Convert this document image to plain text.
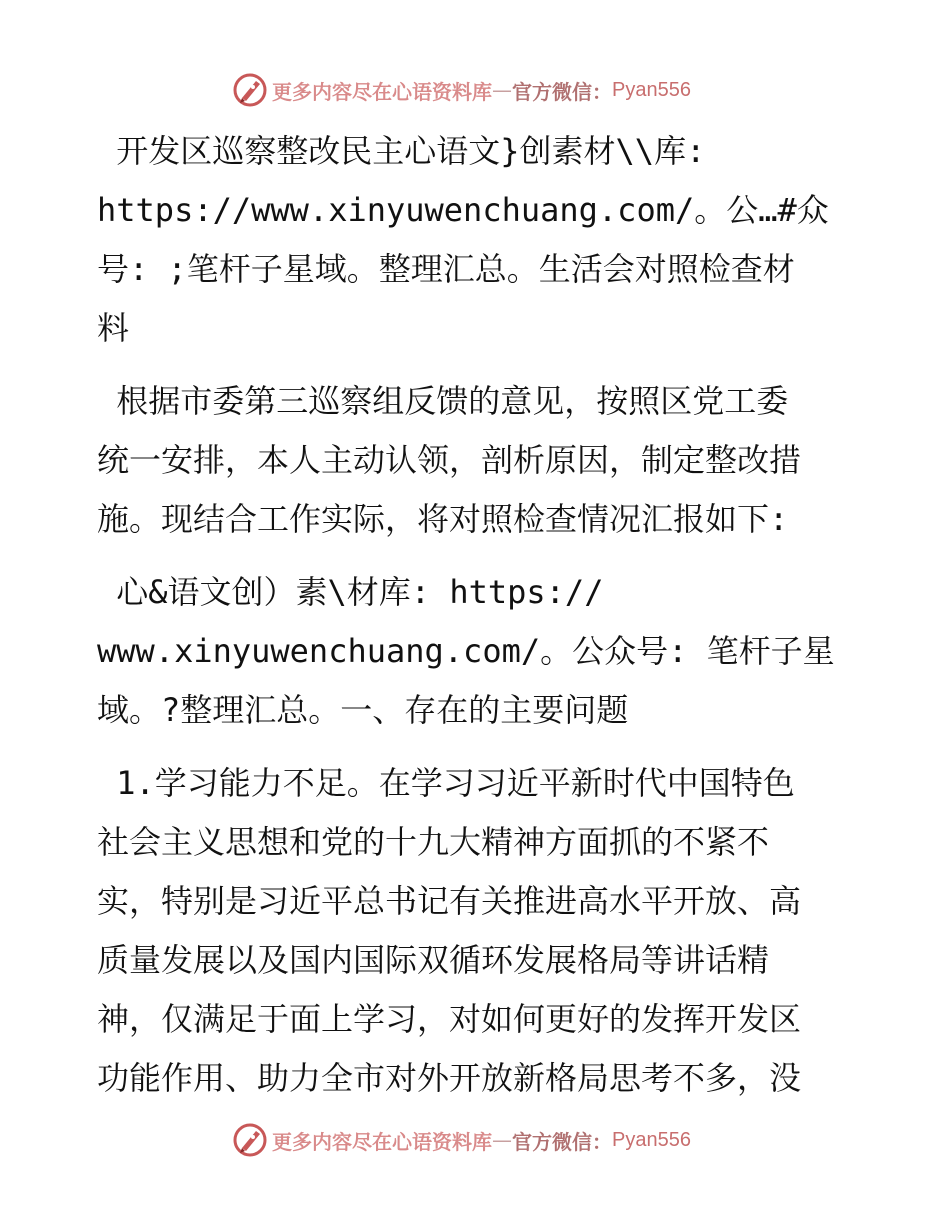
更多内容尽在心语资料库 — 官方微信： Pyan556

开发区巡察整改民主心语文}创素材\\库:

https://www.xinyuwenchuang.com/。公…#众

号: ;笔杆子星域。整理汇总。生活会对照检查材

料

根据市委第三巡察组反馈的意见，按照区党工委

统一安排，本人主动认领，剖析原因，制定整改措

施。现结合工作实际，将对照检查情况汇报如下:

心&语文创）素\材库: https://

www.xinyuwenchuang.com/。公众号: 笔杆子星

域。?整理汇总。一、存在的主要问题

1.学习能力不足。在学习习近平新时代中国特色

社会主义思想和党的十九大精神方面抓的不紧不

实，特别是习近平总书记有关推进高水平开放、高

质量发展以及国内国际双循环发展格局等讲话精

神，仅满足于面上学习，对如何更好的发挥开发区

功能作用、助力全市对外开放新格局思考不多，没

更多内容尽在心语资料库 — 官方微信： Pyan556
